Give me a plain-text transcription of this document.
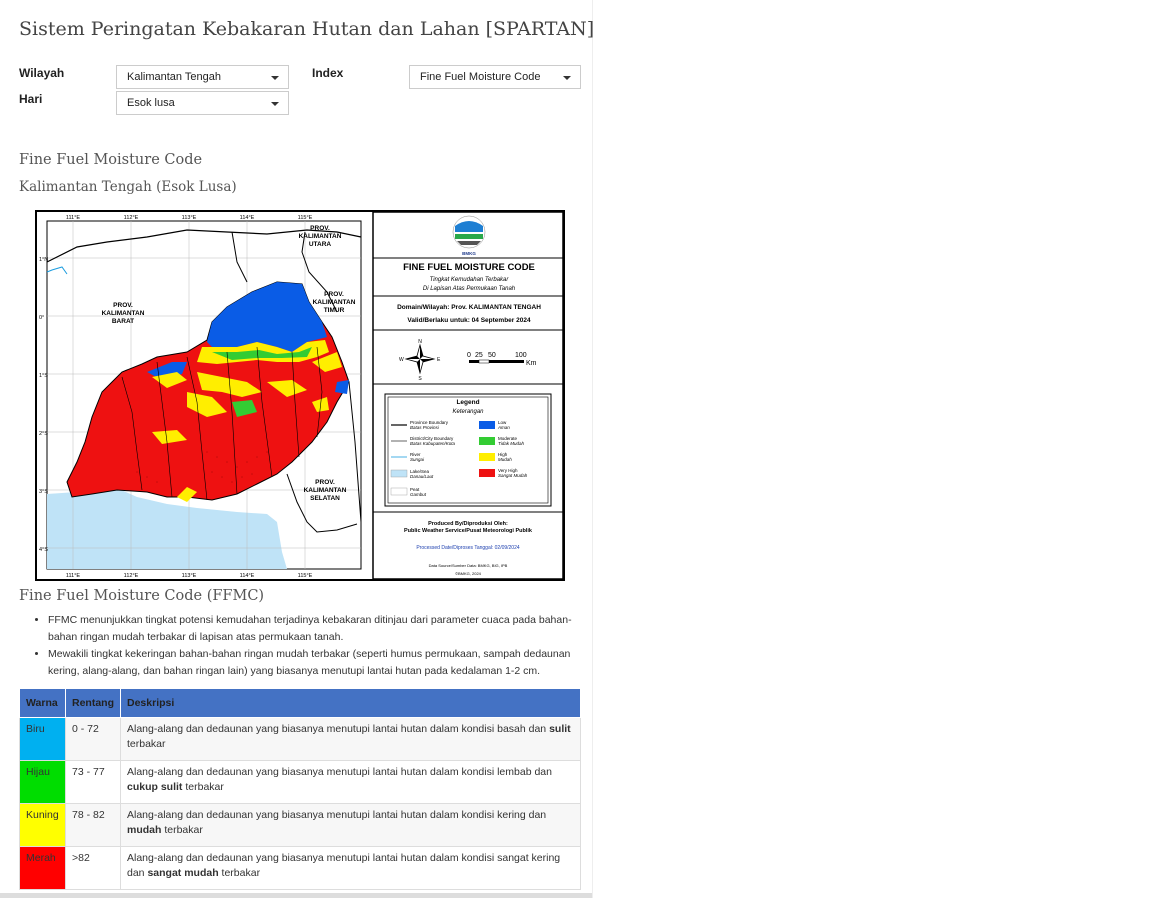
Sistem Peringatan Kebakaran Hutan dan Lahan [SPARTAN]
Wilayah	Kalimantan Tengah
Hari	Esok lusa
Index	Fine Fuel Moisture Code
Fine Fuel Moisture Code
Kalimantan Tengah (Esok Lusa)
PROV.
KALIMANTAN
UTARA
PROV.
KALIMANTAN
BARAT
PROV.
KALIMANTAN
TIMUR
PROV.
KALIMANTAN
SELATAN
111°E	112°E	113°E	114°E	115°E
111°E	112°E	113°E	114°E	115°E
1°N
0°
1°S
2°S
3°S
4°S
BMKG
FINE FUEL MOISTURE CODE
Tingkat Kemudahan Terbakar
Di Lapisan Atas Permukaan Tanah
Domain/Wilayah: Prov. KALIMANTAN TENGAH
Valid/Berlaku untuk: 04 September 2024
N
S
E
W
0 25 50	100
Km
Legend
Keterangan
Province Boundary
Batas Provinsi
District/City Boundary
Batas Kabupaten/Kota
River
Sungai
Lake/Sea
Danau/Laut
Peat
Gambut
Low
Aman
Moderate
Tidak Mudah
High
Mudah
Very High
Sangat Mudah
Produced By/Diproduksi Oleh:
Public Weather Service/Pusat Meteorologi Publik
Processed Date/Diproses Tanggal: 02/09/2024
Data Source/Sumber Data: BMKG, BIG, IPB
©BMKG, 2024
Fine Fuel Moisture Code (FFMC)
• FFMC menunjukkan tingkat potensi kemudahan terjadinya kebakaran ditinjau dari parameter cuaca pada bahan-bahan ringan mudah terbakar di lapisan atas permukaan tanah.
• Mewakili tingkat kekeringan bahan-bahan ringan mudah terbakar (seperti humus permukaan, sampah dedaunan kering, alang-alang, dan bahan ringan lain) yang biasanya menutupi lantai hutan pada kedalaman 1-2 cm.
Warna	Rentang	Deskripsi
Biru	0 - 72	Alang-alang dan dedaunan yang biasanya menutupi lantai hutan dalam kondisi basah dan sulit terbakar
Hijau	73 - 77	Alang-alang dan dedaunan yang biasanya menutupi lantai hutan dalam kondisi lembab dan cukup sulit terbakar
Kuning	78 - 82	Alang-alang dan dedaunan yang biasanya menutupi lantai hutan dalam kondisi kering dan mudah terbakar
Merah	>82	Alang-alang dan dedaunan yang biasanya menutupi lantai hutan dalam kondisi sangat kering dan sangat mudah terbakar
